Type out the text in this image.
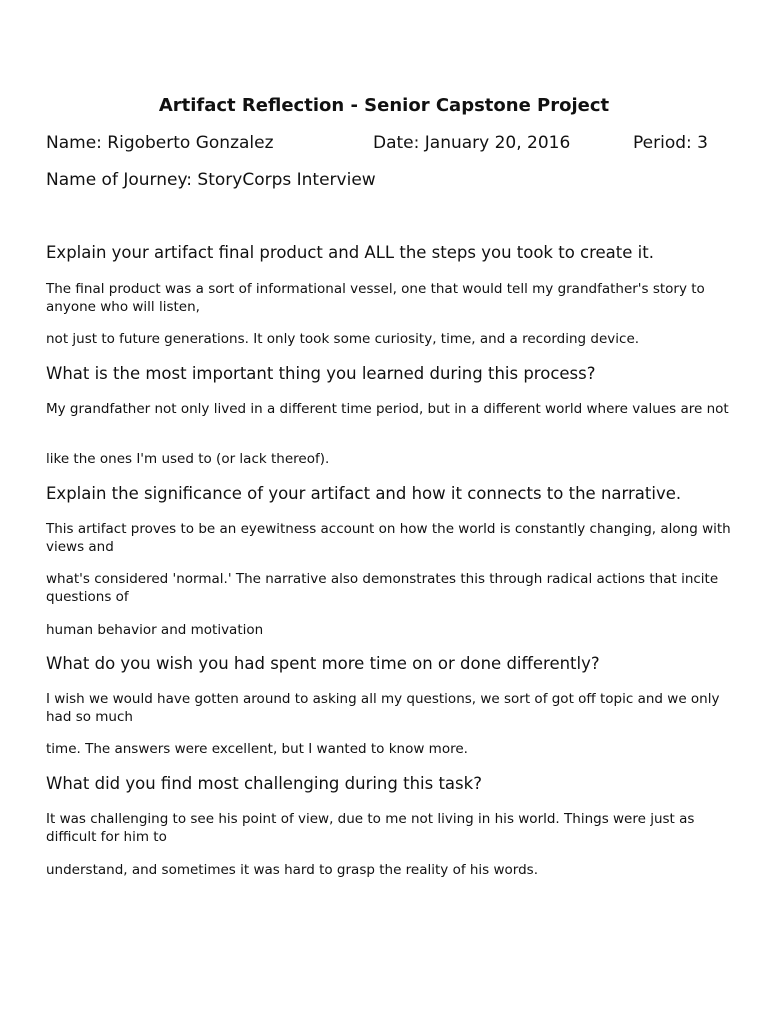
Artifact Reflection - Senior Capstone Project
Name: Rigoberto Gonzalez	Date: January 20, 2016	Period: 3
Name of Journey: StoryCorps Interview
Explain your artifact final product and ALL the steps you took to create it.
The final product was a sort of informational vessel, one that would tell my grandfather's story to anyone who will listen,
not just to future generations. It only took some curiosity, time, and a recording device.
What is the most important thing you learned during this process?
My grandfather not only lived in a different time period, but in a different world where values are not
like the ones I'm used to (or lack thereof).
Explain the significance of your artifact and how it connects to the narrative.
This artifact proves to be an eyewitness account on how the world is constantly changing, along with views and
what's considered 'normal.' The narrative also demonstrates this through radical actions that incite questions of
human behavior and motivation
What do you wish you had spent more time on or done differently?
I wish we would have gotten around to asking all my questions, we sort of got off topic and we only had so much
time. The answers were excellent, but I wanted to know more.
What did you find most challenging during this task?
It was challenging to see his point of view, due to me not living in his world. Things were just as difficult for him to
understand, and sometimes it was hard to grasp the reality of his words.
